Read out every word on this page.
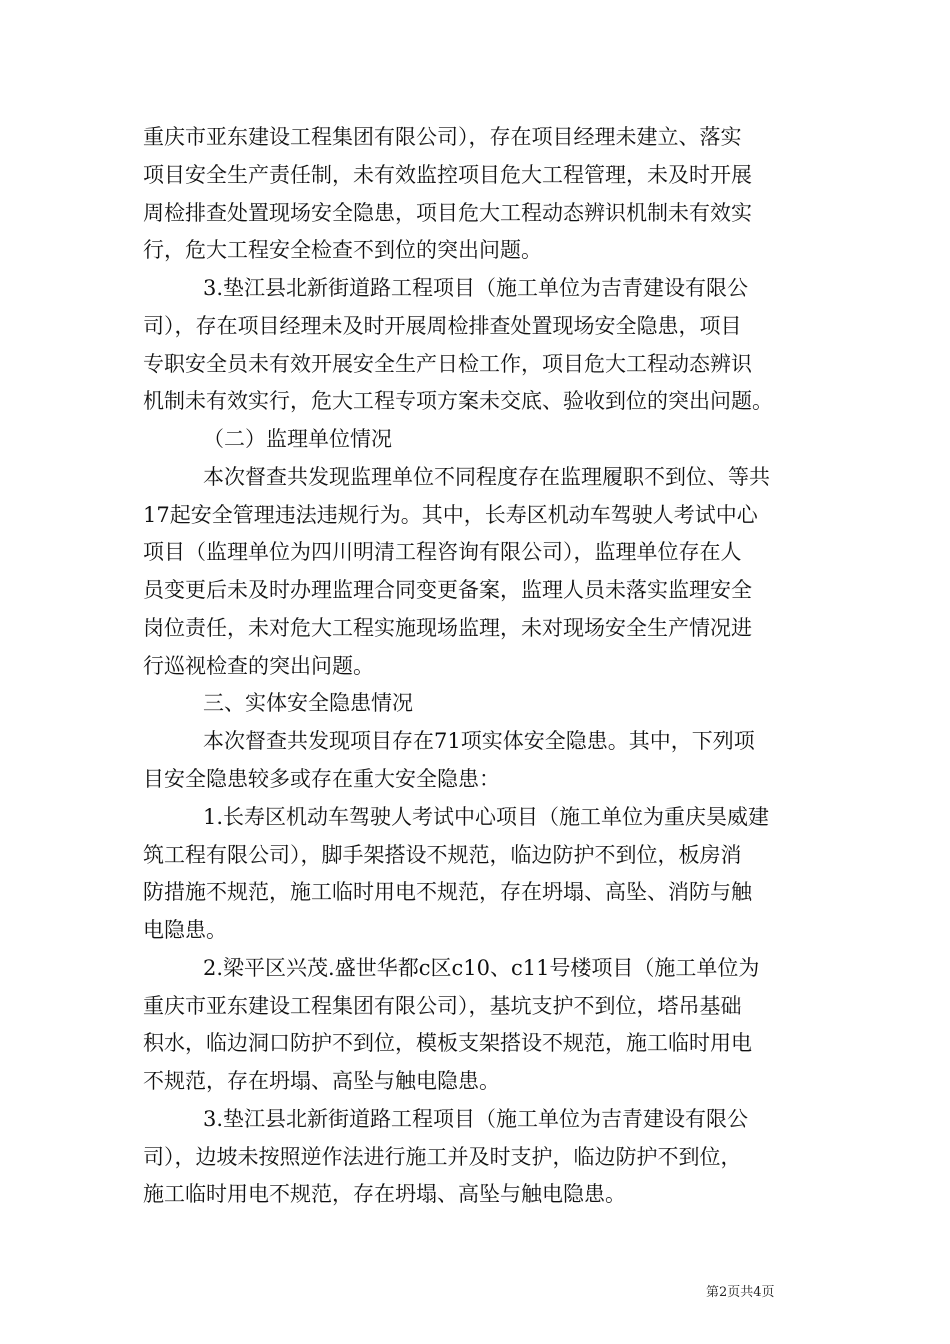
重庆市亚东建设工程集团有限公司），存在项目经理未建立、落实
项目安全生产责任制，未有效监控项目危大工程管理，未及时开展
周检排查处置现场安全隐患，项目危大工程动态辨识机制未有效实
行，危大工程安全检查不到位的突出问题。
3.垫江县北新街道路工程项目（施工单位为吉青建设有限公
司），存在项目经理未及时开展周检排查处置现场安全隐患，项目
专职安全员未有效开展安全生产日检工作，项目危大工程动态辨识
机制未有效实行，危大工程专项方案未交底、验收到位的突出问题。
（二）监理单位情况
本次督查共发现监理单位不同程度存在监理履职不到位、等共
17起安全管理违法违规行为。其中，长寿区机动车驾驶人考试中心
项目（监理单位为四川明清工程咨询有限公司），监理单位存在人
员变更后未及时办理监理合同变更备案，监理人员未落实监理安全
岗位责任，未对危大工程实施现场监理，未对现场安全生产情况进
行巡视检查的突出问题。
三、实体安全隐患情况
本次督查共发现项目存在71项实体安全隐患。其中，下列项
目安全隐患较多或存在重大安全隐患：
1.长寿区机动车驾驶人考试中心项目（施工单位为重庆昊威建
筑工程有限公司），脚手架搭设不规范，临边防护不到位，板房消
防措施不规范，施工临时用电不规范，存在坍塌、高坠、消防与触
电隐患。
2.梁平区兴茂.盛世华都c区c10、c11号楼项目（施工单位为
重庆市亚东建设工程集团有限公司），基坑支护不到位，塔吊基础
积水，临边洞口防护不到位，模板支架搭设不规范，施工临时用电
不规范，存在坍塌、高坠与触电隐患。
3.垫江县北新街道路工程项目（施工单位为吉青建设有限公
司），边坡未按照逆作法进行施工并及时支护，临边防护不到位，
施工临时用电不规范，存在坍塌、高坠与触电隐患。
第2页共4页
